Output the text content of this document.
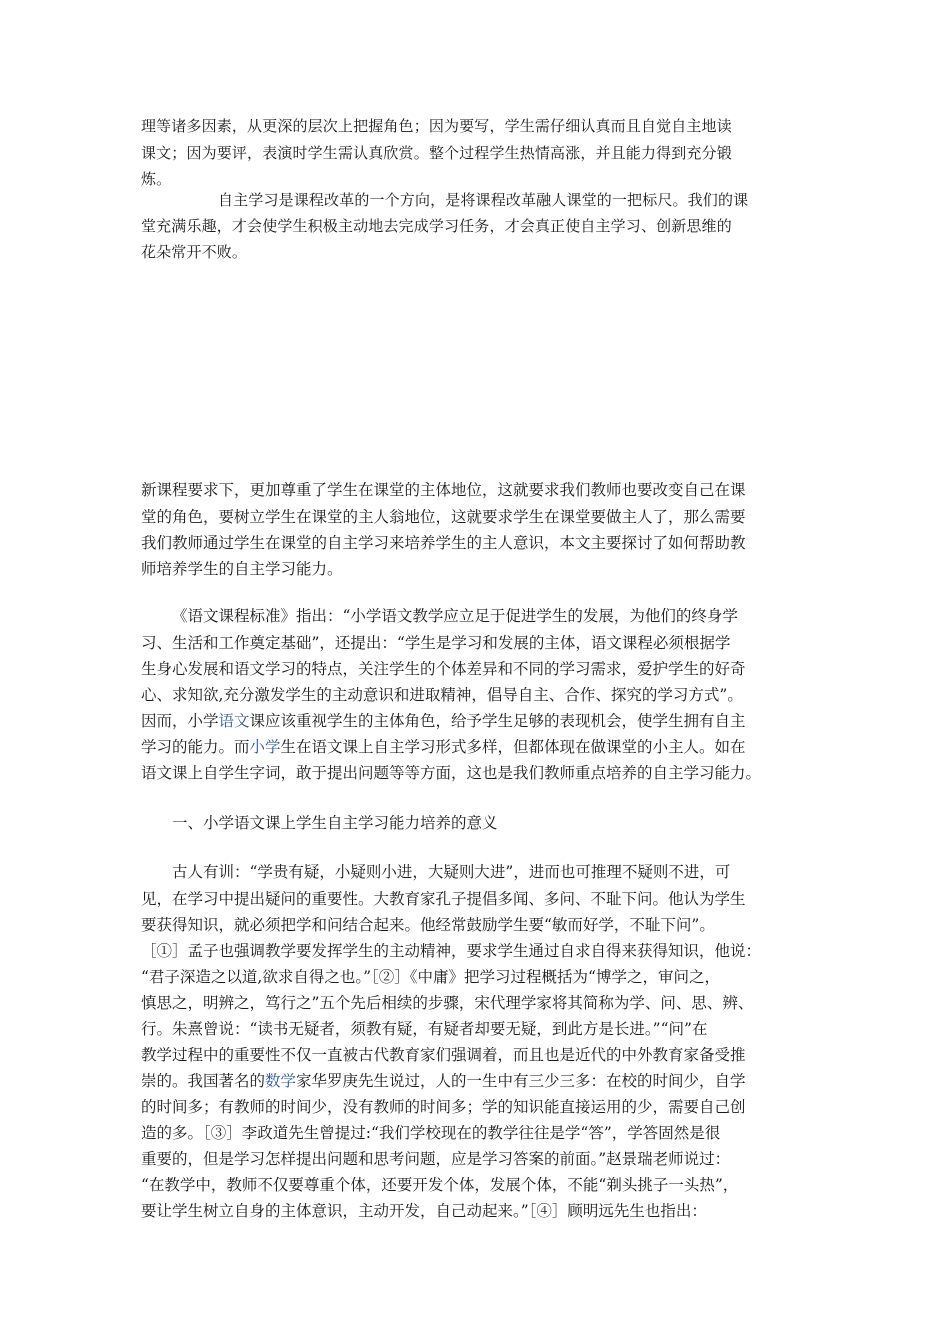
理等诸多因素，从更深的层次上把握角色；因为要写，学生需仔细认真而且自觉自主地读
课文；因为要评，表演时学生需认真欣赏。整个过程学生热情高涨，并且能力得到充分锻
炼。
自主学习是课程改革的一个方向，是将课程改革融人课堂的一把标尺。我们的课
堂充满乐趣，才会使学生积极主动地去完成学习任务，才会真正使自主学习、创新思维的
花朵常开不败。
新课程要求下，更加尊重了学生在课堂的主体地位，这就要求我们教师也要改变自己在课
堂的角色，要树立学生在课堂的主人翁地位，这就要求学生在课堂要做主人了，那么需要
我们教师通过学生在课堂的自主学习来培养学生的主人意识，本文主要探讨了如何帮助教
师培养学生的自主学习能力。
《语文课程标准》指出：“小学语文教学应立足于促进学生的发展，为他们的终身学
习、生活和工作奠定基础”，还提出：“学生是学习和发展的主体，语文课程必须根据学
生身心发展和语文学习的特点，关注学生的个体差异和不同的学习需求，爱护学生的好奇
心、求知欲,充分激发学生的主动意识和进取精神，倡导自主、合作、探究的学习方式”。
因而，小学语文课应该重视学生的主体角色，给予学生足够的表现机会，使学生拥有自主
学习的能力。而小学生在语文课上自主学习形式多样，但都体现在做课堂的小主人。如在
语文课上自学生字词，敢于提出问题等等方面，这也是我们教师重点培养的自主学习能力。
一、小学语文课上学生自主学习能力培养的意义
古人有训：“学贵有疑，小疑则小进，大疑则大进”，进而也可推理不疑则不进，可
见，在学习中提出疑问的重要性。大教育家孔子提倡多闻、多问、不耻下问。他认为学生
要获得知识，就必须把学和问结合起来。他经常鼓励学生要“敏而好学，不耻下问”。
［①］孟子也强调教学要发挥学生的主动精神，要求学生通过自求自得来获得知识，他说：
“君子深造之以道,欲求自得之也。”［②］《中庸》把学习过程概括为“博学之，审问之，
慎思之，明辨之，笃行之”五个先后相续的步骤，宋代理学家将其简称为学、问、思、辨、
行。朱熹曾说：“读书无疑者，须教有疑，有疑者却要无疑，到此方是长进。”“问”在
教学过程中的重要性不仅一直被古代教育家们强调着，而且也是近代的中外教育家备受推
崇的。我国著名的数学家华罗庚先生说过，人的一生中有三少三多：在校的时间少，自学
的时间多；有教师的时间少，没有教师的时间多；学的知识能直接运用的少，需要自己创
造的多。［③］李政道先生曾提过:“我们学校现在的教学往往是学“答”，学答固然是很
重要的，但是学习怎样提出问题和思考问题，应是学习答案的前面。”赵景瑞老师说过：
“在教学中，教师不仅要尊重个体，还要开发个体，发展个体，不能“剃头挑子一头热”，
要让学生树立自身的主体意识，主动开发，自己动起来。”［④］顾明远先生也指出：
